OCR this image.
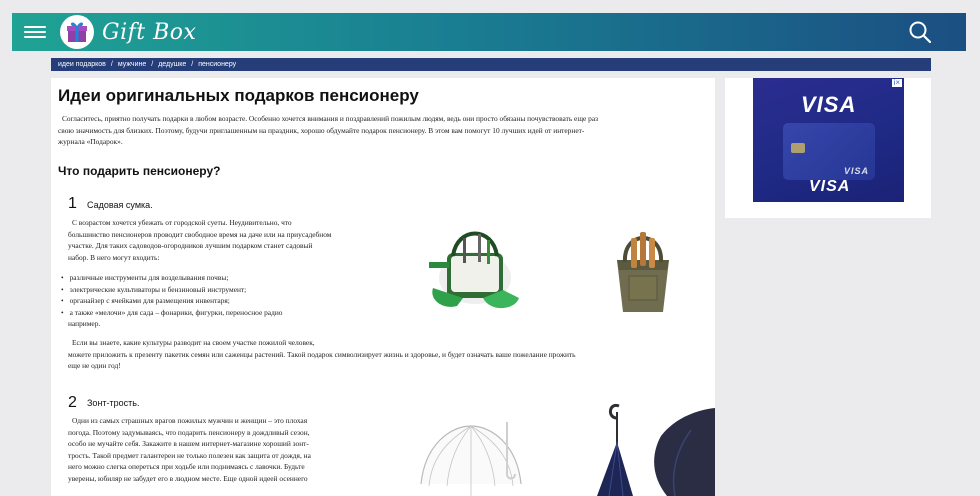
Gift Box
идеи подарков / мужчине / дедушке / пенсионеру
Идеи оригинальных подарков пенсионеру
Согласитесь, приятно получать подарки в любом возрасте. Особенно хочется внимания и поздравлений пожилым людям, ведь они просто обязаны почувствовать еще раз
свою значимость для близких. Поэтому, будучи приглашенным на праздник, хорошо обдумайте подарок пенсионеру. В этом вам помогут 10 лучших идей от интернет-
журнала «Подарок».
Что подарить пенсионеру?
1 Садовая сумка.
С возрастом хочется убежать от городской суеты. Неудивительно, что
большинство пенсионеров проводит свободное время на даче или на приусадебном
участке. Для таких садоводов-огородников лучшим подарком станет садовый
набор. В него могут входить:
• различные инструменты для возделывания почвы;
• электрические культиваторы и бензиновый инструмент;
• органайзер с ячейками для размещения инвентаря;
• а также «мелочи» для сада – фонарики, фигурки, переносное радио
например.
Если вы знаете, какие культуры разводит на своем участке пожилой человек,
можете приложить к презенту пакетик семян или саженцы растений. Такой подарок символизирует жизнь и здоровье, и будет означать ваше пожелание прожить
еще не один год!
2 Зонт-трость.
Одни из самых страшных врагов пожилых мужчин и женщин – это плохая
погода. Поэтому задумываясь, что подарить пенсионеру в дождливый сезон,
особо не мучайте себя. Закажите в нашем интернет-магазине хороший зонт-
трость. Такой предмет галантереи не только полезен как защита от дождя, на
него можно слегка опереться при ходьбе или поднимаясь с лавочки. Будьте
уверены, юбиляр не забудет его в людном месте. Еще одной идеей осеннего
i×
VISA
VISA
VISA
